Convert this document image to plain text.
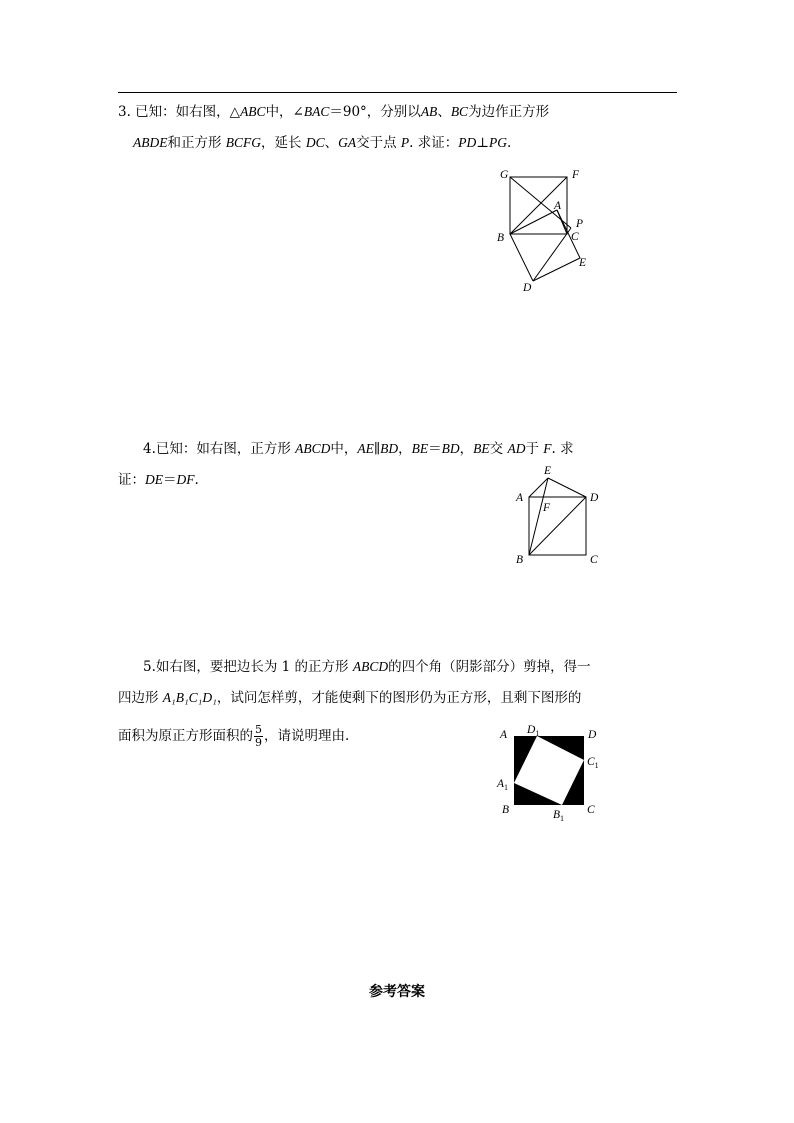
3. 已知：如右图，△ABC中，∠BAC＝90°，分别以AB、BC为边作正方形
ABDE和正方形 BCFG，延长 DC、GA交于点 P. 求证：PD⊥PG.
G	F
A
P
B	C
E
D
4.已知：如右图，正方形 ABCD中，AE∥BD，BE＝BD，BE交 AD于 F. 求
证：DE＝DF.
E
A	D
F
B	C
5.如右图，要把边长为 1 的正方形 ABCD的四个角（阴影部分）剪掉，得一
四边形 A₁B₁C₁D₁，试问怎样剪，才能使剩下的图形仍为正方形，且剩下图形的
面积为原正方形面积的 $\frac{5}{9}$ ，请说明理由.	A $D_1$	D
$C_1$
$A_1$
B	$B_1$
C
参考答案
